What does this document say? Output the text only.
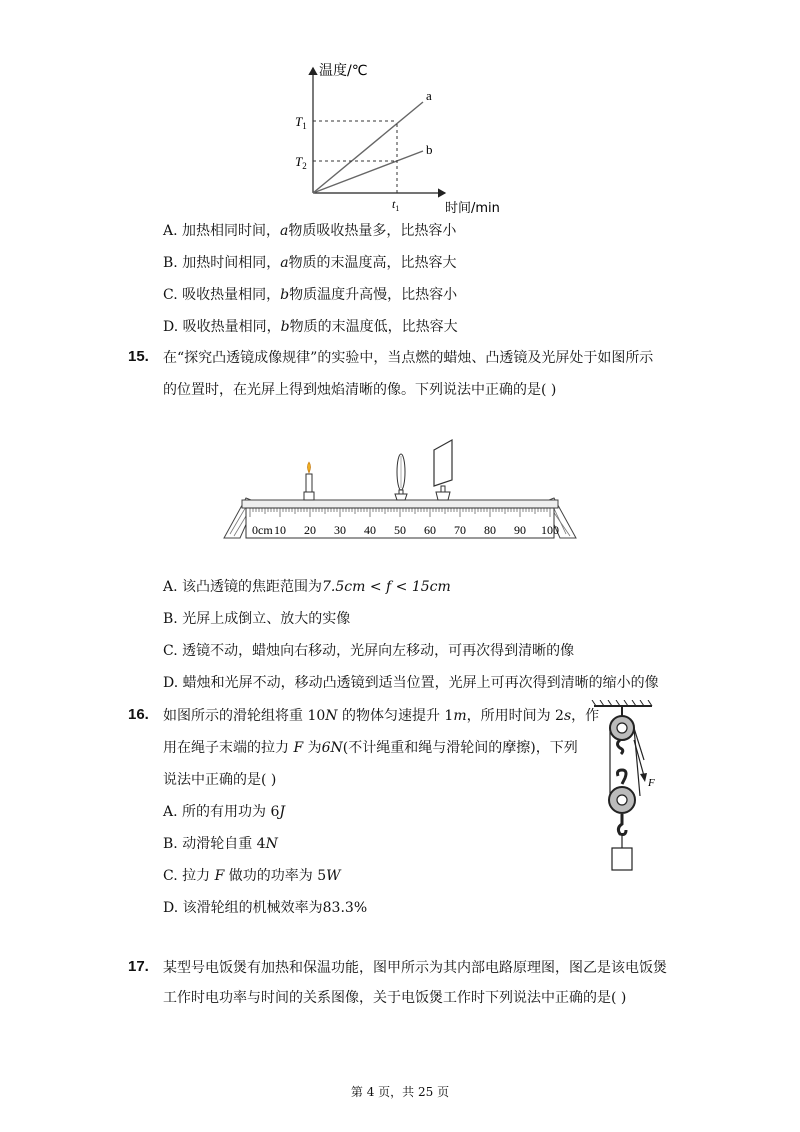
温度/℃
时间/min
a
b
$T_1$
$T_2$
$t_1$
A. 加热相同时间，a物质吸收热量多，比热容小
B. 加热时间相同，a物质的末温度高，比热容大
C. 吸收热量相同，b物质温度升高慢，比热容小
D. 吸收热量相同，b物质的末温度低，比热容大
15. 在“探究凸透镜成像规律”的实验中，当点燃的蜡烛、凸透镜及光屏处于如图所示
的位置时，在光屏上得到烛焰清晰的像。下列说法中正确的是( )
0cm 10 20 30 40 50 60 70 80 90 100
A. 该凸透镜的焦距范围为7.5cm < f < 15cm
B. 光屏上成倒立、放大的实像
C. 透镜不动，蜡烛向右移动，光屏向左移动，可再次得到清晰的像
D. 蜡烛和光屏不动，移动凸透镜到适当位置，光屏上可再次得到清晰的缩小的像
16. 如图所示的滑轮组将重 10N 的物体匀速提升 1m，所用时间为 2s，作
用在绳子末端的拉力 F 为6N(不计绳重和绳与滑轮间的摩擦)，下列
说法中正确的是( )
A. 所的有用功为 6J
B. 动滑轮自重 4N
C. 拉力 F 做功的功率为 5W
D. 该滑轮组的机械效率为83.3%
F
17. 某型号电饭煲有加热和保温功能，图甲所示为其内部电路原理图，图乙是该电饭煲
工作时电功率与时间的关系图像，关于电饭煲工作时下列说法中正确的是( )
第 4 页，共 25 页
